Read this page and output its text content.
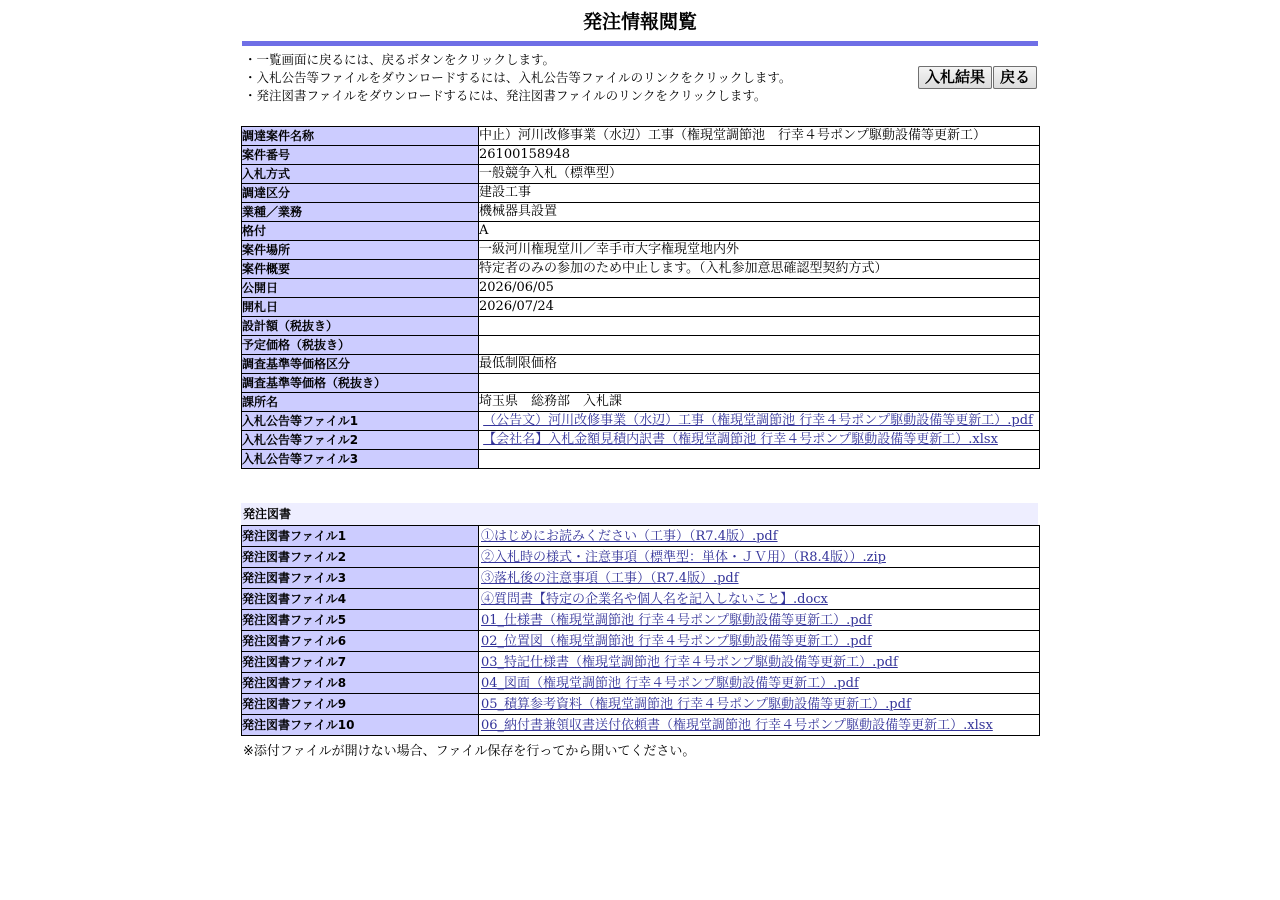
発注情報閲覧
・一覧画面に戻るには、戻るボタンをクリックします。
・入札公告等ファイルをダウンロードするには、入札公告等ファイルのリンクをクリックします。
・発注図書ファイルをダウンロードするには、発注図書ファイルのリンクをクリックします。
入札結果 戻る
調達案件名称	中止）河川改修事業（水辺）工事（権現堂調節池　行幸４号ポンプ駆動設備等更新工）
案件番号	26100158948
入札方式	一般競争入札（標準型）
調達区分	建設工事
業種／業務	機械器具設置
格付	A
案件場所	一級河川権現堂川／幸手市大字権現堂地内外
案件概要	特定者のみの参加のため中止します。（入札参加意思確認型契約方式）
公開日	2026/06/05
開札日	2026/07/24
設計額（税抜き）	
予定価格（税抜き）	
調査基準等価格区分	最低制限価格
調査基準等価格（税抜き）	
課所名	埼玉県　総務部　入札課
入札公告等ファイル1	（公告文）河川改修事業（水辺）工事（権現堂調節池 行幸４号ポンプ駆動設備等更新工）.pdf
入札公告等ファイル2	【会社名】入札金額見積内訳書（権現堂調節池 行幸４号ポンプ駆動設備等更新工）.xlsx
入札公告等ファイル3	
発注図書
発注図書ファイル1	①はじめにお読みください（工事）（R7.4版）.pdf
発注図書ファイル2	②入札時の様式・注意事項（標準型：単体・ＪＶ用）（R8.4版））.zip
発注図書ファイル3	③落札後の注意事項（工事）（R7.4版）.pdf
発注図書ファイル4	④質問書【特定の企業名や個人名を記入しないこと】.docx
発注図書ファイル5	01_仕様書（権現堂調節池 行幸４号ポンプ駆動設備等更新工）.pdf
発注図書ファイル6	02_位置図（権現堂調節池 行幸４号ポンプ駆動設備等更新工）.pdf
発注図書ファイル7	03_特記仕様書（権現堂調節池 行幸４号ポンプ駆動設備等更新工）.pdf
発注図書ファイル8	04_図面（権現堂調節池 行幸４号ポンプ駆動設備等更新工）.pdf
発注図書ファイル9	05_積算参考資料（権現堂調節池 行幸４号ポンプ駆動設備等更新工）.pdf
発注図書ファイル10	06_納付書兼領収書送付依頼書（権現堂調節池 行幸４号ポンプ駆動設備等更新工）.xlsx
※添付ファイルが開けない場合、ファイル保存を行ってから開いてください。
